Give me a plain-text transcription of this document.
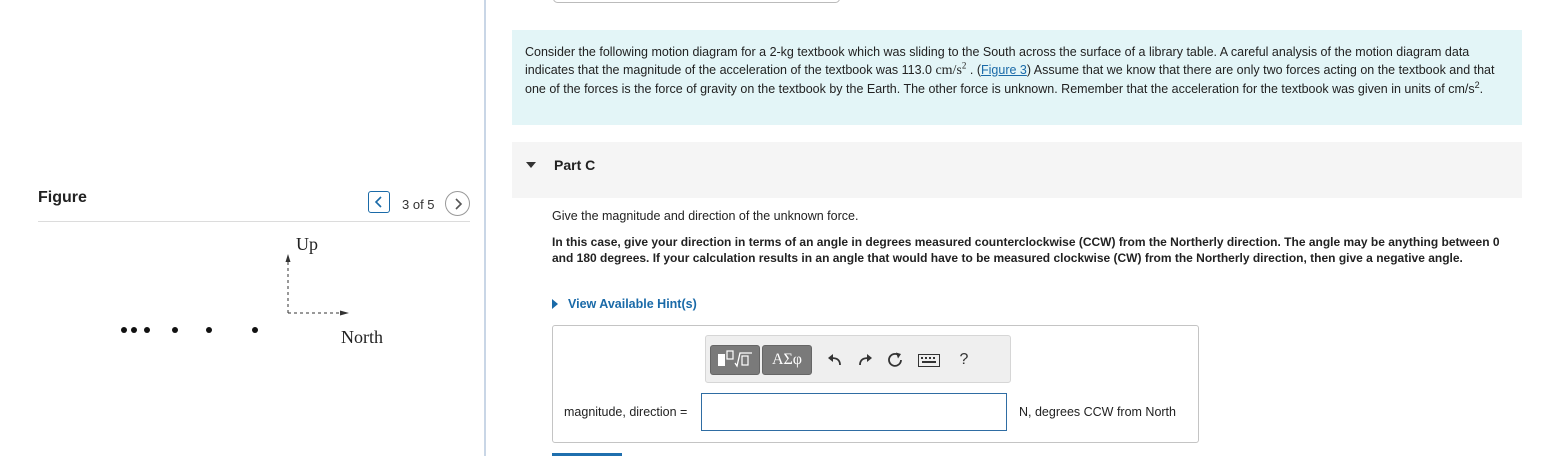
Figure	3 of 5
Up
North
Consider the following motion diagram for a 2-kg textbook which was sliding to the South across the surface of a library table. A careful analysis of the motion diagram data indicates that the magnitude of the acceleration of the textbook was 113.0 $cm/s^2$ . (Figure 3) Assume that we know that there are only two forces acting on the textbook and that one of the forces is the force of gravity on the textbook by the Earth. The other force is unknown. Remember that the acceleration for the textbook was given in units of $cm/s^2$.
Part C
Give the magnitude and direction of the unknown force.
In this case, give your direction in terms of an angle in degrees measured counterclockwise (CCW) from the Northerly direction. The angle may be anything between 0 and 180 degrees. If your calculation results in an angle that would have to be measured clockwise (CW) from the Northerly direction, then give a negative angle.
View Available Hint(s)
ΑΣφ	?
magnitude, direction =	N, degrees CCW from North
